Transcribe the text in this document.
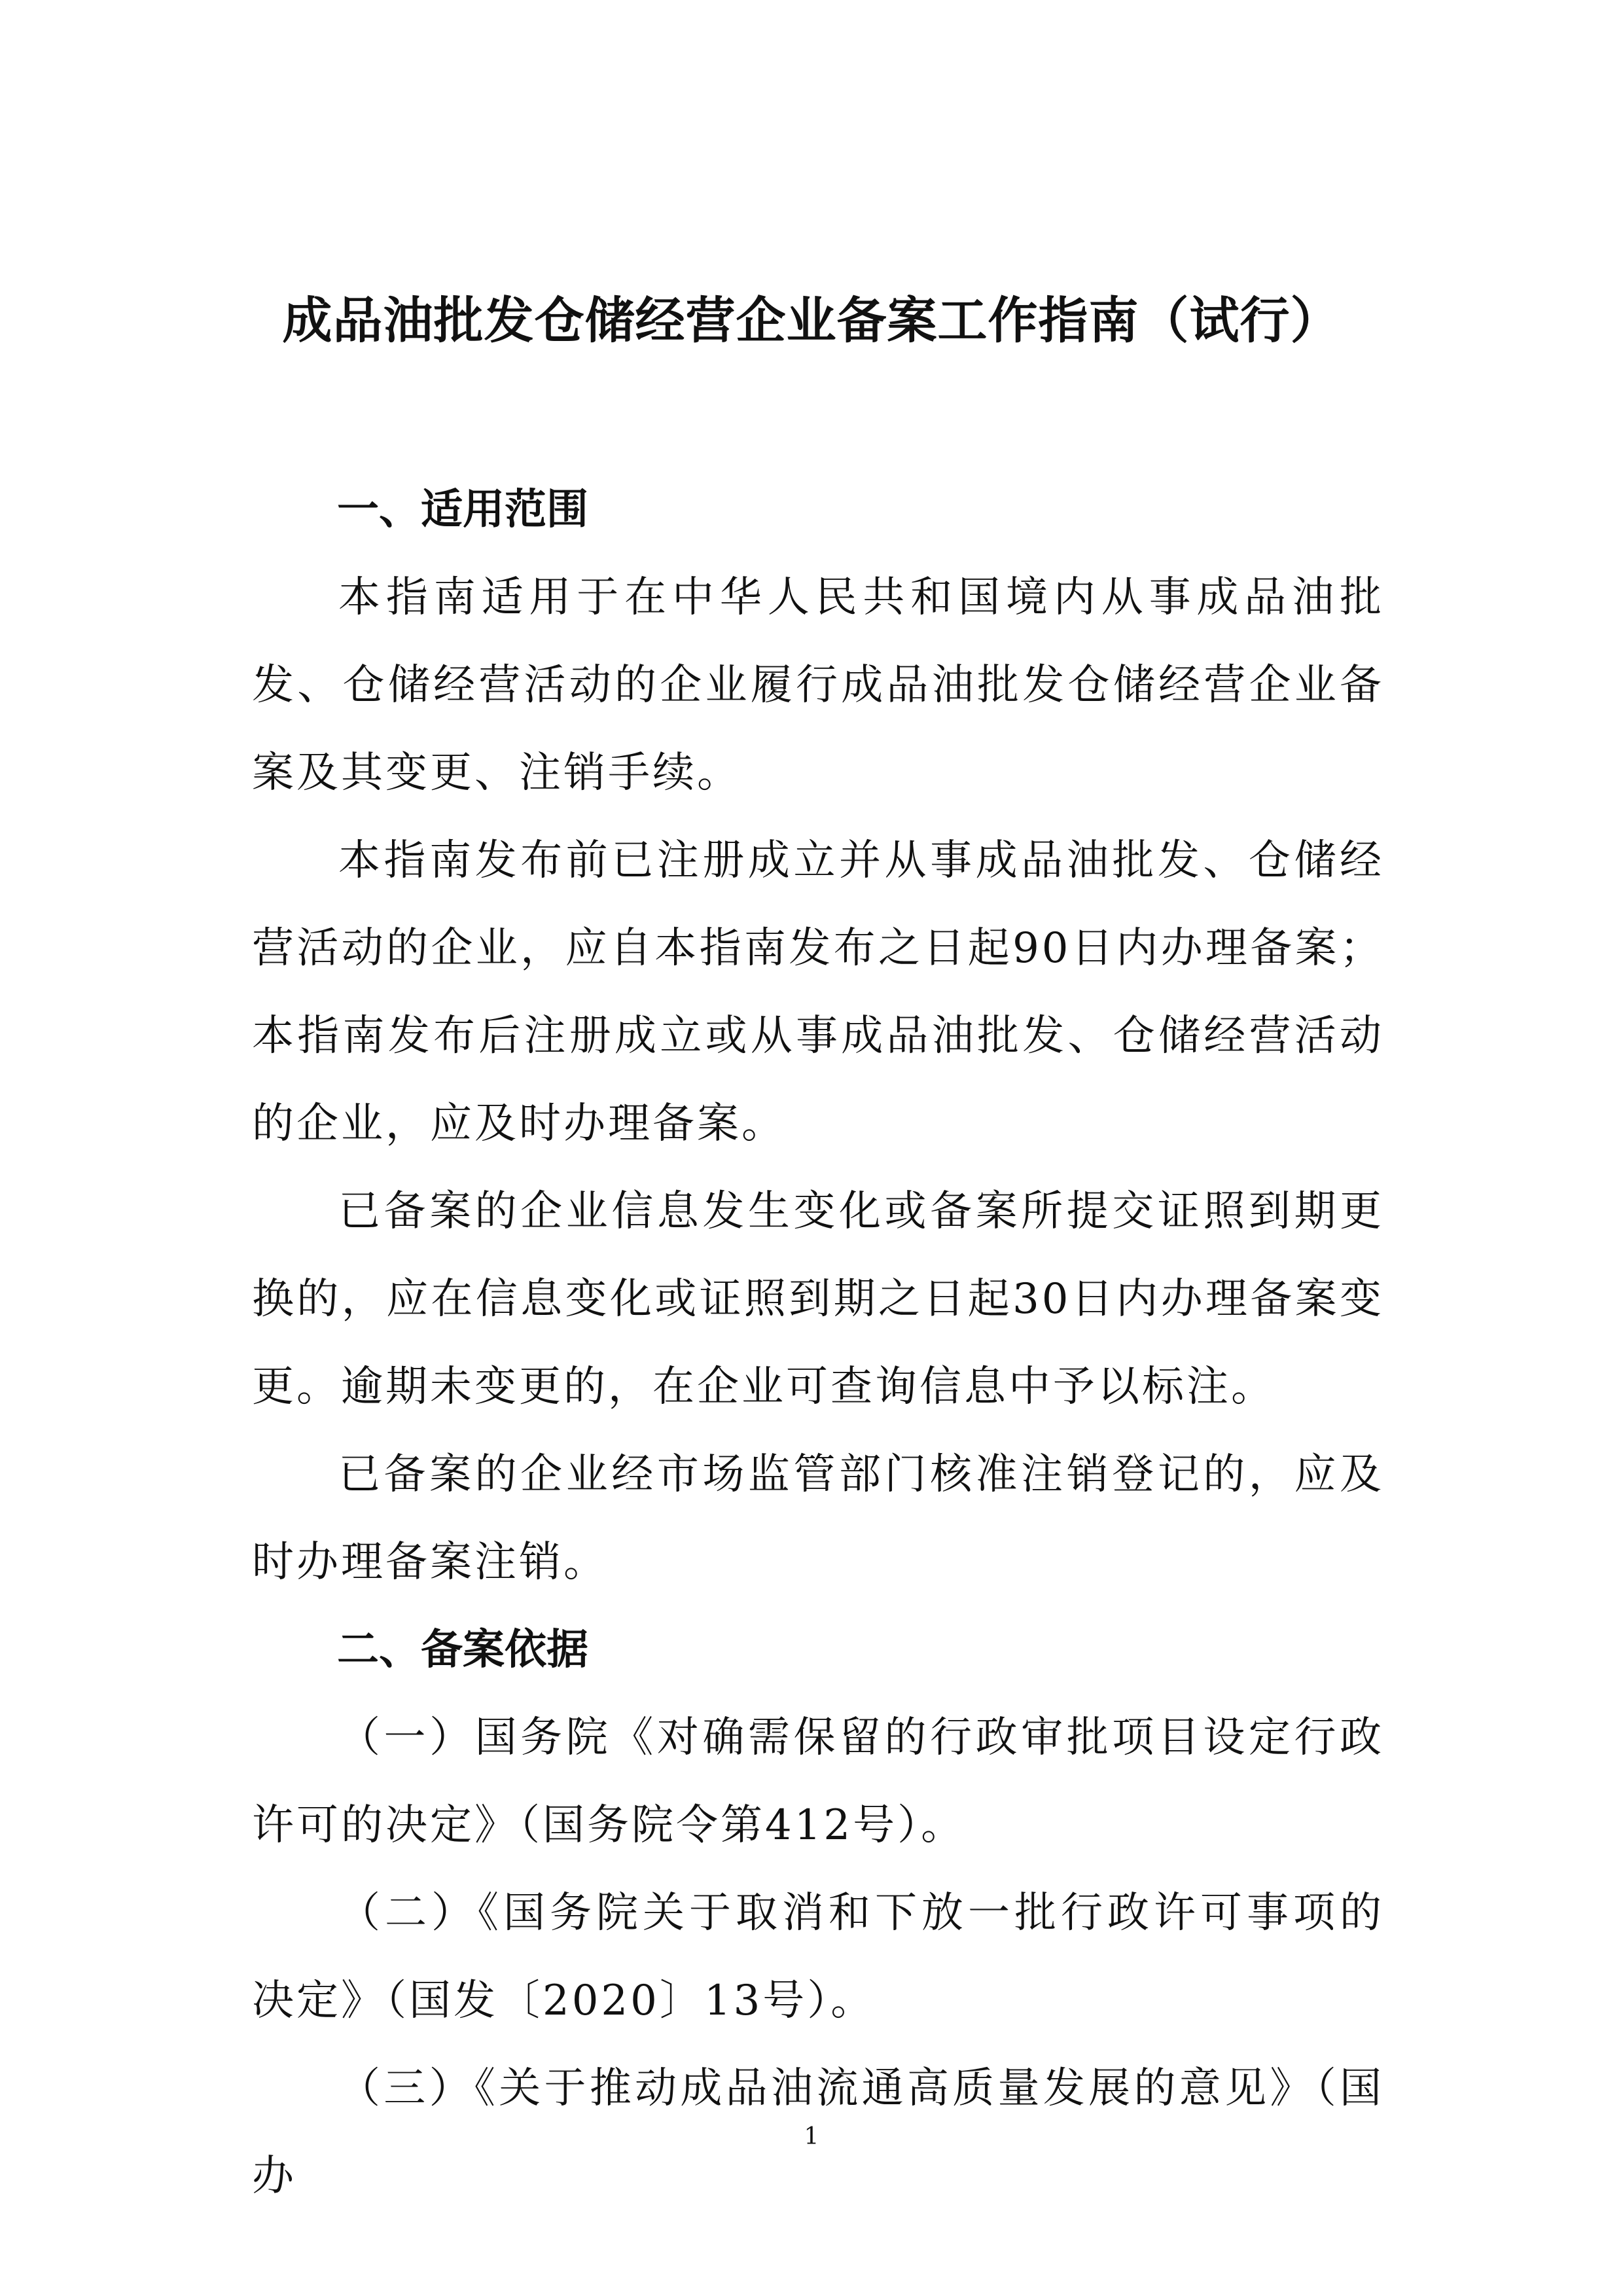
成品油批发仓储经营企业备案工作指南（试行）
一、适用范围

本指南适用于在中华人民共和国境内从事成品油批发、仓储经营活动的企业履行成品油批发仓储经营企业备案及其变更、注销手续。

本指南发布前已注册成立并从事成品油批发、仓储经营活动的企业，应自本指南发布之日起90日内办理备案；本指南发布后注册成立或从事成品油批发、仓储经营活动的企业，应及时办理备案。

已备案的企业信息发生变化或备案所提交证照到期更换的，应在信息变化或证照到期之日起30日内办理备案变更。逾期未变更的，在企业可查询信息中予以标注。

已备案的企业经市场监管部门核准注销登记的，应及时办理备案注销。

二、备案依据

（一）国务院《对确需保留的行政审批项目设定行政许可的决定》（国务院令第412号）。

（二）《国务院关于取消和下放一批行政许可事项的决定》（国发〔2020〕13号）。

（三）《关于推动成品油流通高质量发展的意见》（国办

1
